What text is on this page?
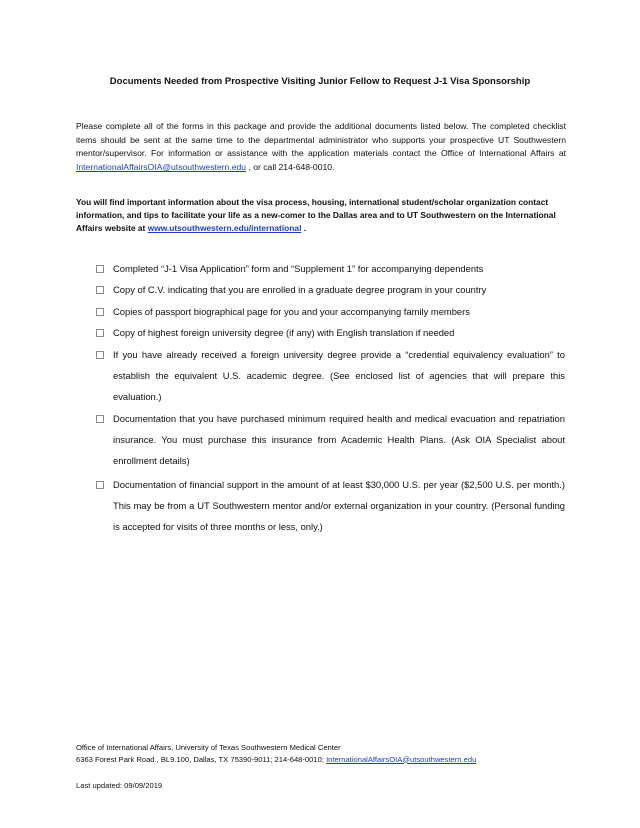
Documents Needed from Prospective Visiting Junior Fellow to Request J-1 Visa Sponsorship
Please complete all of the forms in this package and provide the additional documents listed below. The completed checklist items should be sent at the same time to the departmental administrator who supports your prospective UT Southwestern mentor/supervisor. For information or assistance with the application materials contact the Office of International Affairs at InternationalAffairsOIA@utsouthwestern.edu , or call 214-648-0010.
You will find important information about the visa process, housing, international student/scholar organization contact information, and tips to facilitate your life as a new-comer to the Dallas area and to UT Southwestern on the International Affairs website at www.utsouthwestern.edu/international .
Completed “J-1 Visa Application” form and “Supplement 1” for accompanying dependents
Copy of C.V. indicating that you are enrolled in a graduate degree program in your country
Copies of passport biographical page for you and your accompanying family members
Copy of highest foreign university degree (if any) with English translation if needed
If you have already received a foreign university degree provide a “credential equivalency evaluation” to establish the equivalent U.S. academic degree. (See enclosed list of agencies that will prepare this evaluation.)
Documentation that you have purchased minimum required health and medical evacuation and repatriation insurance. You must purchase this insurance from Academic Health Plans. (Ask OIA Specialist about enrollment details)
Documentation of financial support in the amount of at least $30,000 U.S. per year ($2,500 U.S. per month.) This may be from a UT Southwestern mentor and/or external organization in your country. (Personal funding is accepted for visits of three months or less, only.)
Office of International Affairs, University of Texas Southwestern Medical Center
6363 Forest Park Road., BL9.100, Dallas, TX 75390-9011; 214-648-0010; InternationalAffairsOIA@utsouthwestern.edu
Last updated: 09/09/2019
